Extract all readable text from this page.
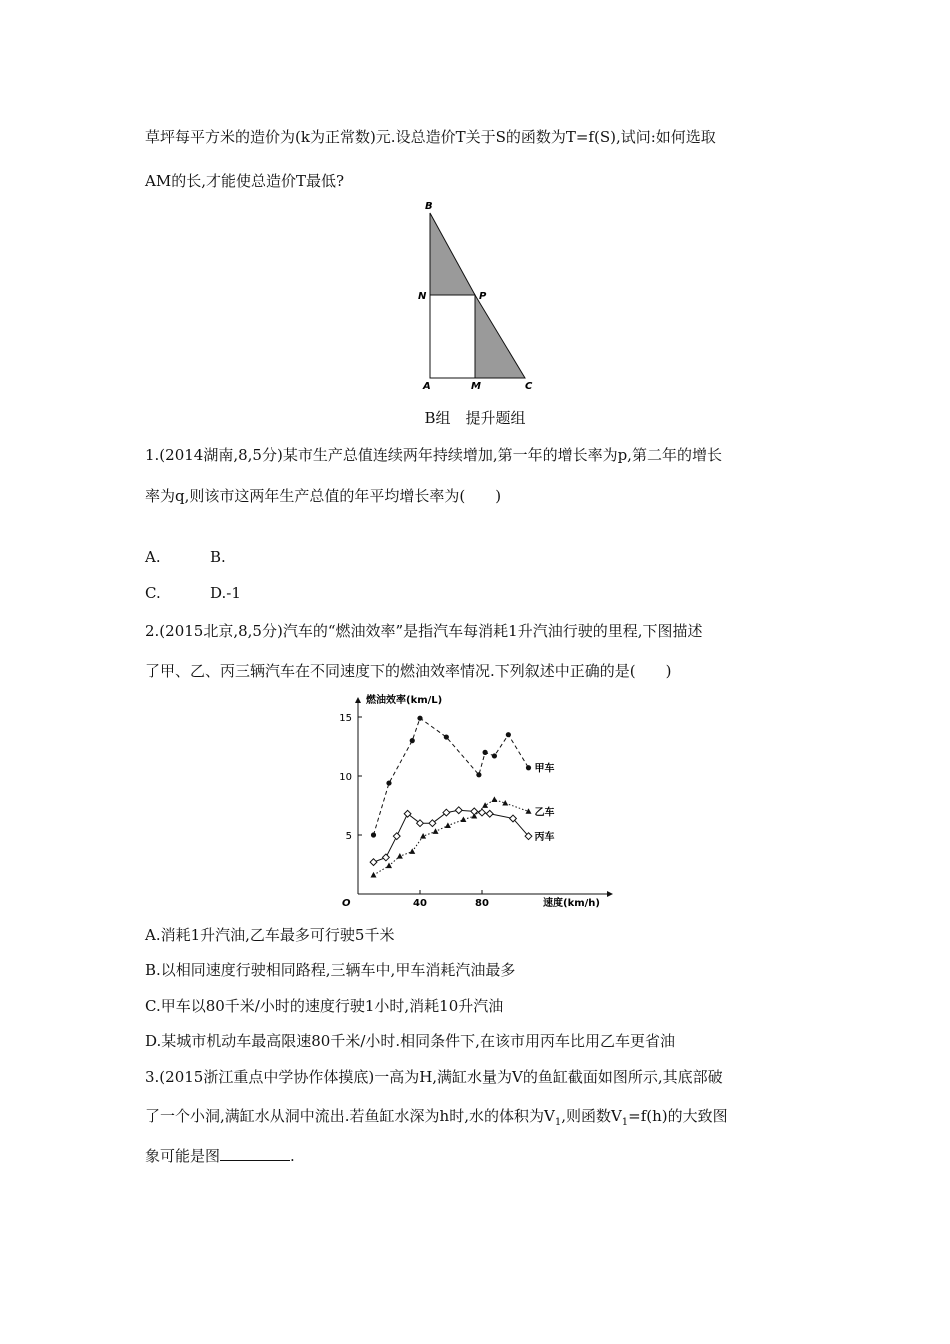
草坪每平方米的造价为(k为正常数)元.设总造价T关于S的函数为T=f(S),试问:如何选取
AM的长,才能使总造价T最低?
B
N	P
A	M	C
B组　提升题组
1.(2014湖南,8,5分)某市生产总值连续两年持续增加,第一年的增长率为p,第二年的增长
率为q,则该市这两年生产总值的年平均增长率为(　　)
A.	B.
C.	D.-1
2.(2015北京,8,5分)汽车的“燃油效率”是指汽车每消耗1升汽油行驶的里程,下图描述
了甲、乙、丙三辆汽车在不同速度下的燃油效率情况.下列叙述中正确的是(　　)
燃油效率(km/L)
速度(km/h)
O
5
10
15
40	80
甲车
乙车
丙车
A.消耗1升汽油,乙车最多可行驶5千米
B.以相同速度行驶相同路程,三辆车中,甲车消耗汽油最多
C.甲车以80千米/小时的速度行驶1小时,消耗10升汽油
D.某城市机动车最高限速80千米/小时.相同条件下,在该市用丙车比用乙车更省油
3.(2015浙江重点中学协作体摸底)一高为H,满缸水量为V的鱼缸截面如图所示,其底部破
了一个小洞,满缸水从洞中流出.若鱼缸水深为h时,水的体积为$V_1$,则函数$V_1=f(h)$的大致图
象可能是图	.
